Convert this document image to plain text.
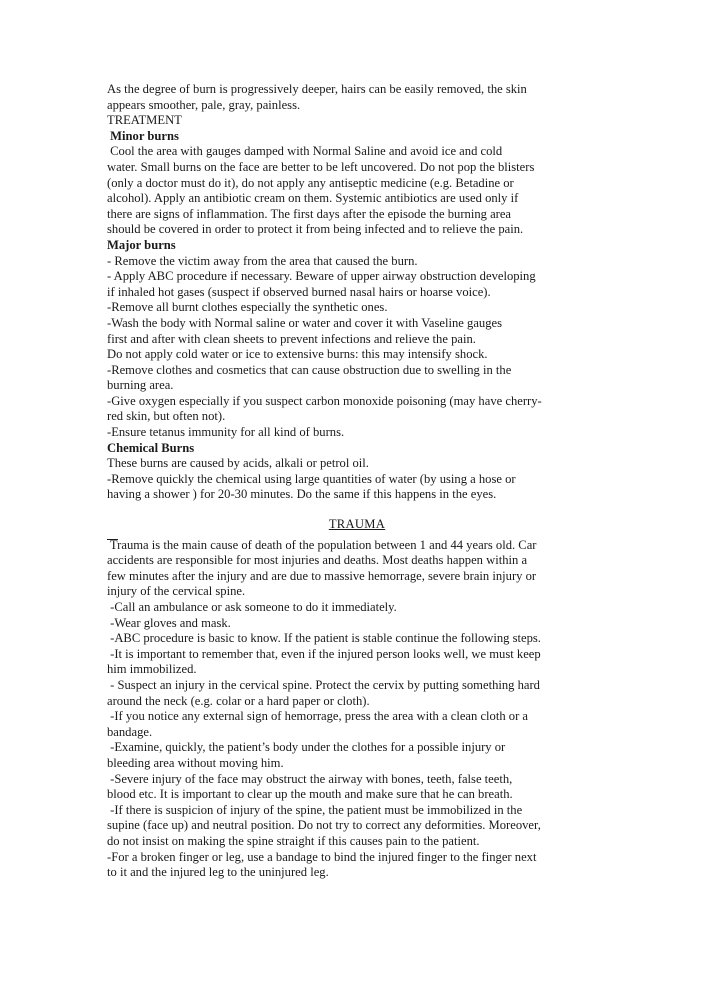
As the degree of burn is progressively deeper, hairs can be easily removed, the skin
appears smoother, pale, gray, painless.
TREATMENT
Minor burns
Cool the area with gauges damped with Normal Saline and avoid ice and cold
water. Small burns on the face are better to be left uncovered. Do not pop the blisters
(only a doctor must do it), do not apply any antiseptic medicine (e.g. Betadine or
alcohol). Apply an antibiotic cream on them. Systemic antibiotics are used only if
there are signs of inflammation. The first days after the episode the burning area
should be covered in order to protect it from being infected and to relieve the pain.
Major burns
- Remove the victim away from the area that caused the burn.
- Apply ABC procedure if necessary. Beware of upper airway obstruction developing
if inhaled hot gases (suspect if observed burned nasal hairs or hoarse voice).
-Remove all burnt clothes especially the synthetic ones.
-Wash the body with Normal saline or water and cover it with Vaseline gauges
first and after with clean sheets to prevent infections and relieve the pain.
Do not apply cold water or ice to extensive burns: this may intensify shock.
-Remove clothes and cosmetics that can cause obstruction due to swelling in the
burning area.
-Give oxygen especially if you suspect carbon monoxide poisoning (may have cherry-
red skin, but often not).
-Ensure tetanus immunity for all kind of burns.
Chemical Burns
These burns are caused by acids, alkali or petrol oil.
-Remove quickly the chemical using large quantities of water (by using a hose or
having a shower ) for 20-30 minutes. Do the same if this happens in the eyes.
TRAUMA
Trauma is the main cause of death of the population between 1 and 44 years old. Car
accidents are responsible for most injuries and deaths. Most deaths happen within a
few minutes after the injury and are due to massive hemorrage, severe brain injury or
injury of the cervical spine.
-Call an ambulance or ask someone to do it immediately.
-Wear gloves and mask.
-ABC procedure is basic to know. If the patient is stable continue the following steps.
-It is important to remember that, even if the injured person looks well, we must keep
him immobilized.
- Suspect an injury in the cervical spine. Protect the cervix by putting something hard
around the neck (e.g. colar or a hard paper or cloth).
-If you notice any external sign of hemorrage, press the area with a clean cloth or a
bandage.
-Examine, quickly, the patient’s body under the clothes for a possible injury or
bleeding area without moving him.
-Severe injury of the face may obstruct the airway with bones, teeth, false teeth,
blood etc. It is important to clear up the mouth and make sure that he can breath.
-If there is suspicion of injury of the spine, the patient must be immobilized in the
supine (face up) and neutral position. Do not try to correct any deformities. Moreover,
do not insist on making the spine straight if this causes pain to the patient.
-For a broken finger or leg, use a bandage to bind the injured finger to the finger next
to it and the injured leg to the uninjured leg.
